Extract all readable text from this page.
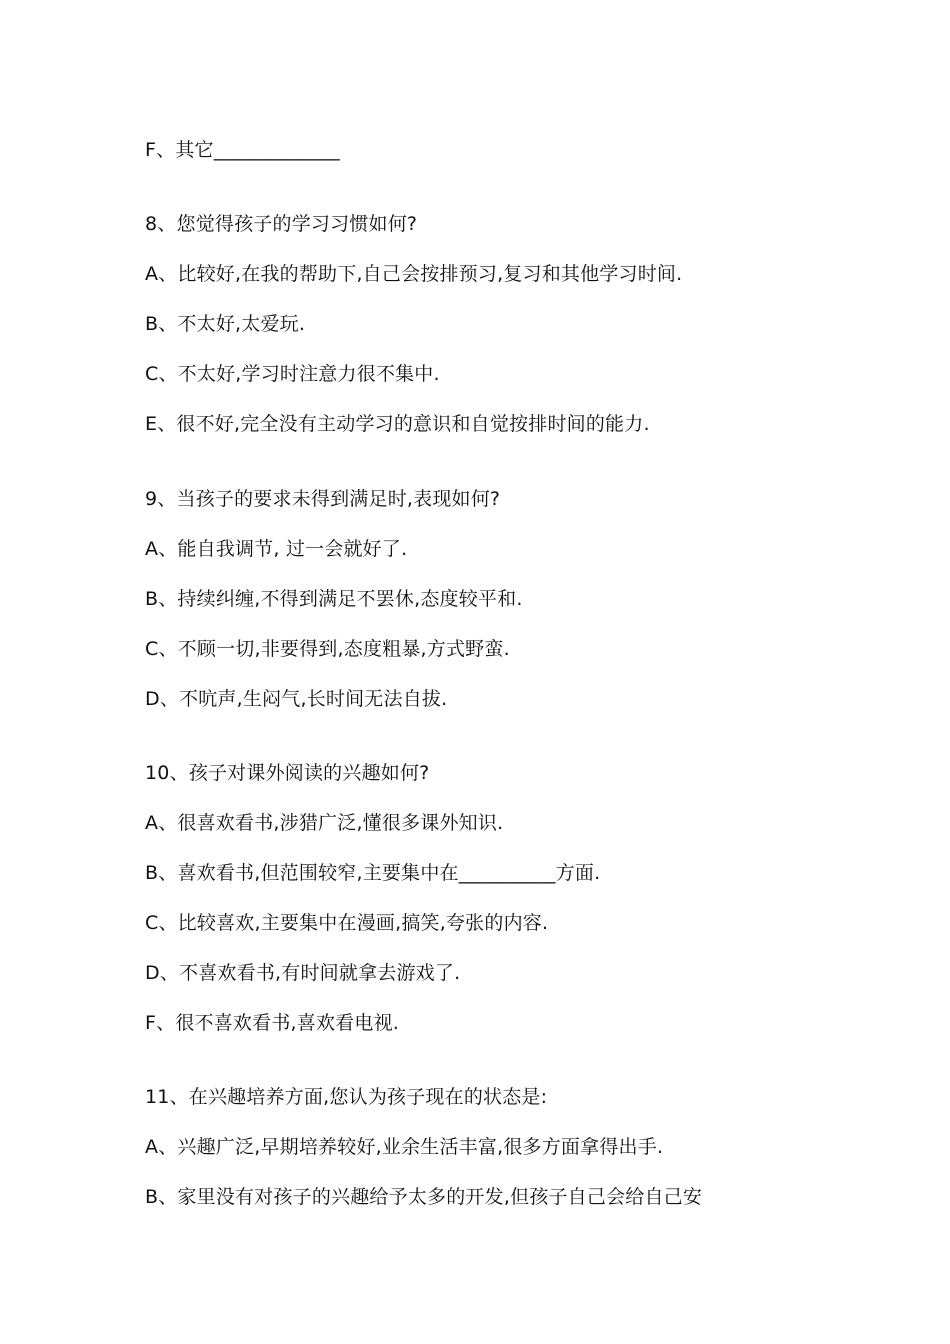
F、其它_____________
8、您觉得孩子的学习习惯如何?
A、比较好,在我的帮助下,自己会按排预习,复习和其他学习时间.
B、不太好,太爱玩.
C、不太好,学习时注意力很不集中.
E、很不好,完全没有主动学习的意识和自觉按排时间的能力.
9、当孩子的要求未得到满足时,表现如何?
A、能自我调节, 过一会就好了.
B、持续纠缠,不得到满足不罢休,态度较平和.
C、不顾一切,非要得到,态度粗暴,方式野蛮.
D、不吭声,生闷气,长时间无法自拔.
10、孩子对课外阅读的兴趣如何?
A、很喜欢看书,涉猎广泛,懂很多课外知识.
B、喜欢看书,但范围较窄,主要集中在__________方面.
C、比较喜欢,主要集中在漫画,搞笑,夸张的内容.
D、不喜欢看书,有时间就拿去游戏了.
F、很不喜欢看书,喜欢看电视.
11、在兴趣培养方面,您认为孩子现在的状态是:
A、兴趣广泛,早期培养较好,业余生活丰富,很多方面拿得出手.
B、家里没有对孩子的兴趣给予太多的开发,但孩子自己会给自己安
